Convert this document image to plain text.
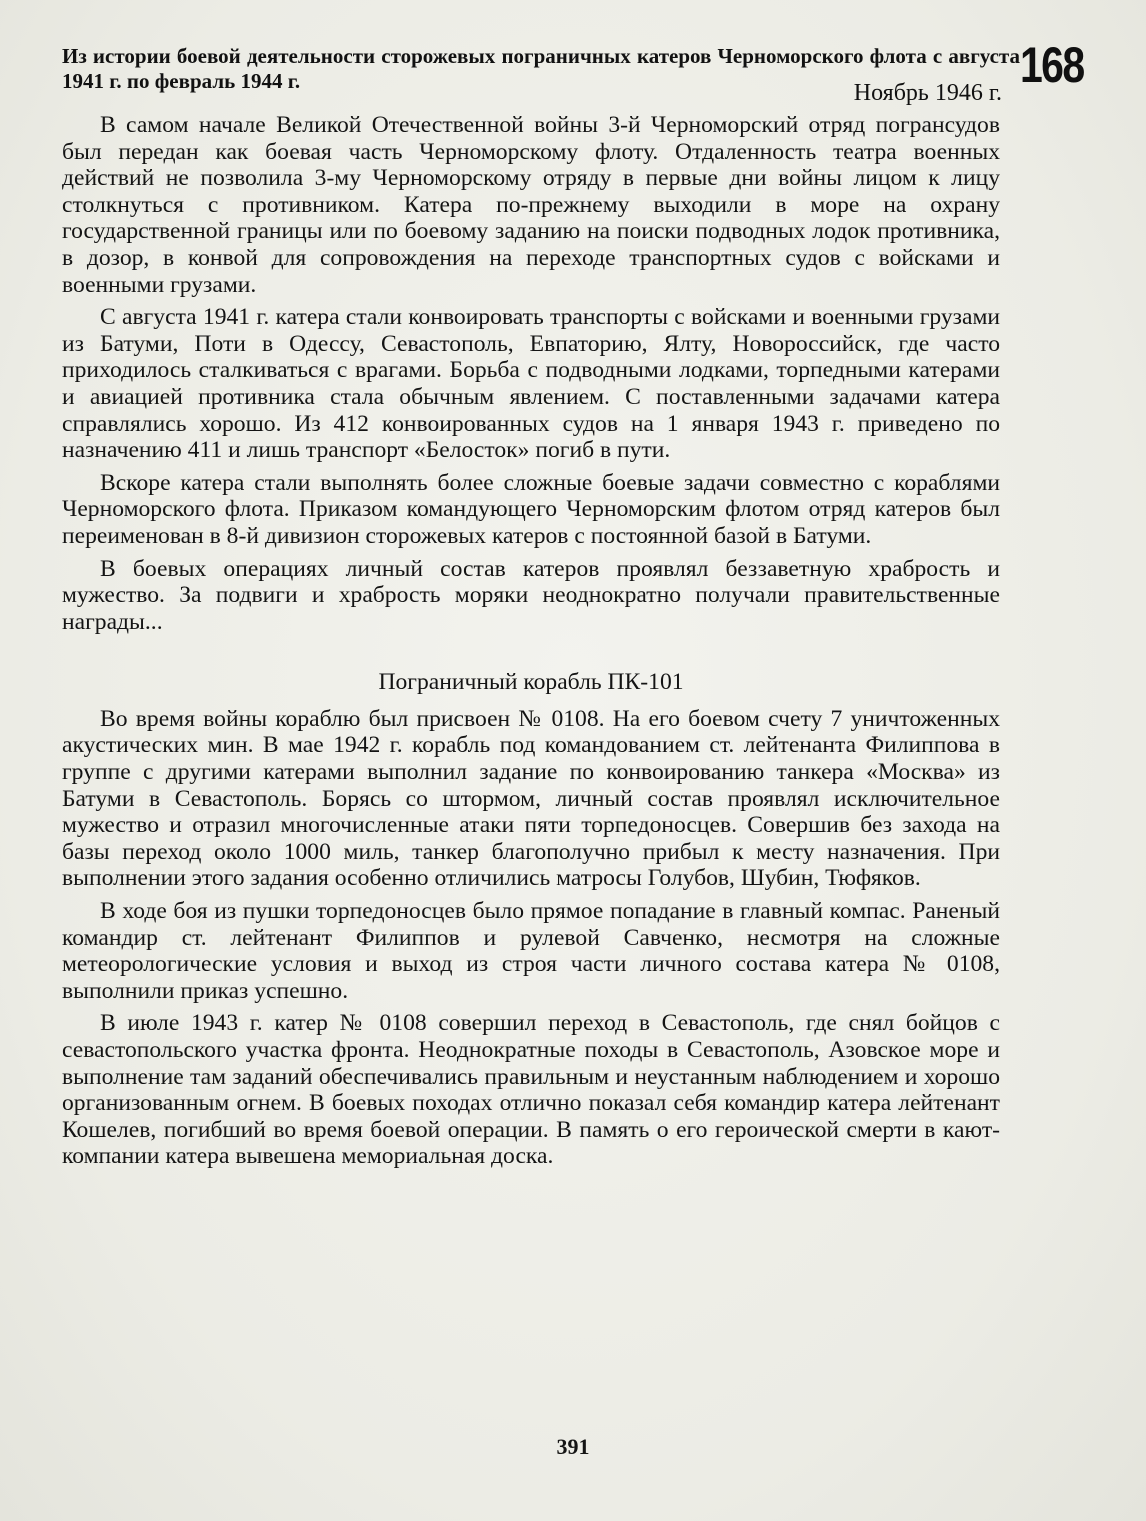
168
Из истории боевой деятельности сторожевых пограничных катеров Черноморского флота с августа 1941 г. по февраль 1944 г.	Ноябрь 1946 г.

В самом начале Великой Отечественной войны 3-й Черноморский отряд погрансудов был передан как боевая часть Черноморскому флоту. Отдаленность театра военных действий не позволила 3-му Черноморскому отряду в первые дни войны лицом к лицу столкнуться с противником. Катера по-прежнему выходили в море на охрану государственной границы или по боевому заданию на поиски подводных лодок противника, в дозор, в конвой для сопровождения на переходе транспортных судов с войсками и военными грузами.

С августа 1941 г. катера стали конвоировать транспорты с войсками и военными грузами из Батуми, Поти в Одессу, Севастополь, Евпаторию, Ялту, Новороссийск, где часто приходилось сталкиваться с врагами. Борьба с подводными лодками, торпедными катерами и авиацией противника стала обычным явлением. С поставленными задачами катера справлялись хорошо. Из 412 конвоированных судов на 1 января 1943 г. приведено по назначению 411 и лишь транспорт «Белосток» погиб в пути.

Вскоре катера стали выполнять более сложные боевые задачи совместно с кораблями Черноморского флота. Приказом командующего Черноморским флотом отряд катеров был переименован в 8-й дивизион сторожевых катеров с постоянной базой в Батуми.

В боевых операциях личный состав катеров проявлял беззаветную храбрость и мужество. За подвиги и храбрость моряки неоднократно получали правительственные награды...

Пограничный корабль ПК-101

Во время войны кораблю был присвоен № 0108. На его боевом счету 7 уничтоженных акустических мин. В мае 1942 г. корабль под командованием ст. лейтенанта Филиппова в группе с другими катерами выполнил задание по конвоированию танкера «Москва» из Батуми в Севастополь. Борясь со штормом, личный состав проявлял исключительное мужество и отразил многочисленные атаки пяти торпедоносцев. Совершив без захода на базы переход около 1000 миль, танкер благополучно прибыл к месту назначения. При выполнении этого задания особенно отличились матросы Голубов, Шубин, Тюфяков.

В ходе боя из пушки торпедоносцев было прямое попадание в главный компас. Раненый командир ст. лейтенант Филиппов и рулевой Савченко, несмотря на сложные метеорологические условия и выход из строя части личного состава катера № 0108, выполнили приказ успешно.

В июле 1943 г. катер № 0108 совершил переход в Севастополь, где снял бойцов с севастопольского участка фронта. Неоднократные походы в Севастополь, Азовское море и выполнение там заданий обеспечивались правильным и неустанным наблюдением и хорошо организованным огнем. В боевых походах отлично показал себя командир катера лейтенант Кошелев, погибший во время боевой операции. В память о его героической смерти в кают-компании катера вывешена мемориальная доска.

391
